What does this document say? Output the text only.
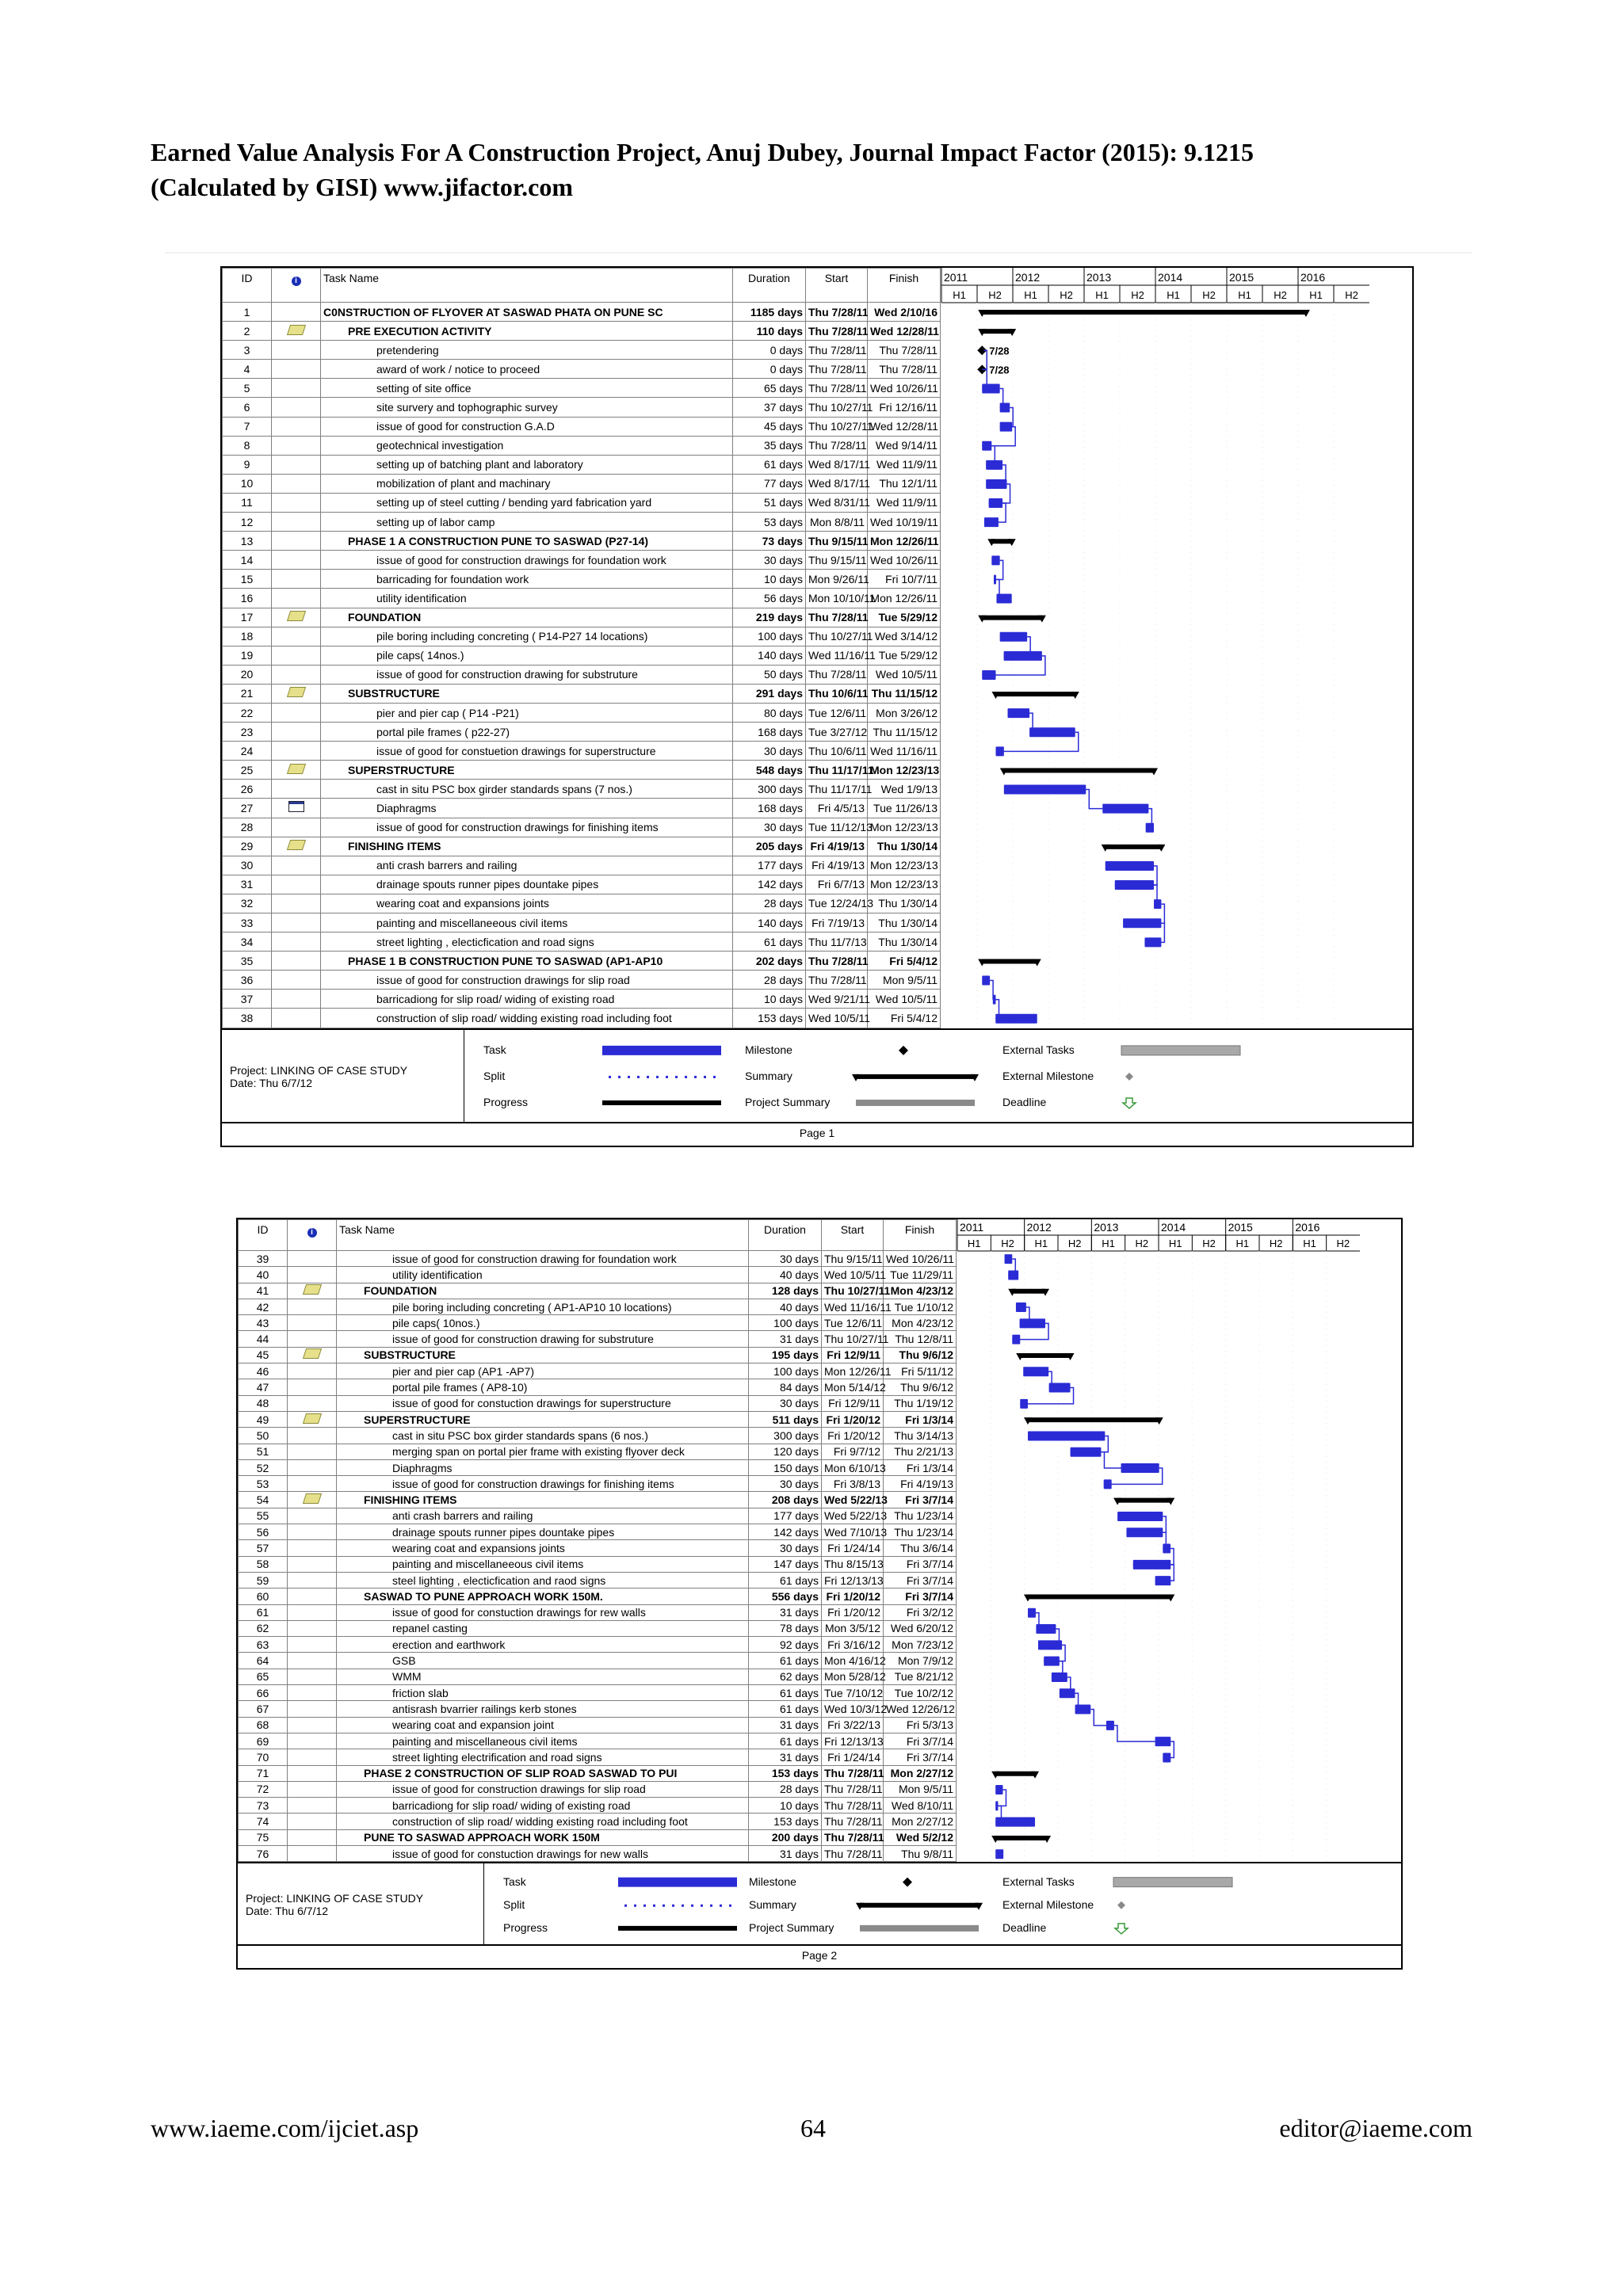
Earned Value Analysis For A Construction Project, Anuj Dubey, Journal Impact Factor (2015): 9.1215
(Calculated by GISI) www.jifactor.com
ID	i	Task Name	Duration	Start	Finish
1		C0NSTRUCTION OF FLYOVER AT SASWAD PHATA ON PUNE SC	1185 days	Thu 7/28/11	Wed 2/10/16
2		PRE EXECUTION ACTIVITY	110 days	Thu 7/28/11	Wed 12/28/11
3		pretendering	0 days	Thu 7/28/11	Thu 7/28/11
4		award of work / notice to proceed	0 days	Thu 7/28/11	Thu 7/28/11
5		setting of site office	65 days	Thu 7/28/11	Wed 10/26/11
6		site survery and tophographic survey	37 days	Thu 10/27/11	Fri 12/16/11
7		issue of good for construction G.A.D	45 days	Thu 10/27/11	Wed 12/28/11
8		geotechnical investigation	35 days	Thu 7/28/11	Wed 9/14/11
9		setting up of batching plant and laboratory	61 days	Wed 8/17/11	Wed 11/9/11
10		mobilization of plant and machinary	77 days	Wed 8/17/11	Thu 12/1/11
11		setting up of steel cutting / bending yard fabrication yard	51 days	Wed 8/31/11	Wed 11/9/11
12		setting up of labor camp	53 days	Mon 8/8/11	Wed 10/19/11
13		PHASE 1 A CONSTRUCTION PUNE TO SASWAD (P27-14)	73 days	Thu 9/15/11	Mon 12/26/11
14		issue of good for construction drawings for foundation work	30 days	Thu 9/15/11	Wed 10/26/11
15		barricading for foundation work	10 days	Mon 9/26/11	Fri 10/7/11
16		utility identification	56 days	Mon 10/10/11	Mon 12/26/11
17		FOUNDATION	219 days	Thu 7/28/11	Tue 5/29/12
18		pile boring including concreting ( P14-P27 14 locations)	100 days	Thu 10/27/11	Wed 3/14/12
19		pile caps( 14nos.)	140 days	Wed 11/16/11	Tue 5/29/12
20		issue of good for construction drawing for substruture	50 days	Thu 7/28/11	Wed 10/5/11
21		SUBSTRUCTURE	291 days	Thu 10/6/11	Thu 11/15/12
22		pier and pier cap ( P14 -P21)	80 days	Tue 12/6/11	Mon 3/26/12
23		portal pile frames ( p22-27)	168 days	Tue 3/27/12	Thu 11/15/12
24		issue of good for constuetion drawings for superstructure	30 days	Thu 10/6/11	Wed 11/16/11
25		SUPERSTRUCTURE	548 days	Thu 11/17/11	Mon 12/23/13
26		cast in situ PSC box girder standards spans (7 nos.)	300 days	Thu 11/17/11	Wed 1/9/13
27		Diaphragms	168 days	Fri 4/5/13	Tue 11/26/13
28		issue of good for construction drawings for finishing items	30 days	Tue 11/12/13	Mon 12/23/13
29		FINISHING ITEMS	205 days	Fri 4/19/13	Thu 1/30/14
30		anti crash barrers and railing	177 days	Fri 4/19/13	Mon 12/23/13
31		drainage spouts runner pipes dountake pipes	142 days	Fri 6/7/13	Mon 12/23/13
32		wearing coat and expansions joints	28 days	Tue 12/24/13	Thu 1/30/14
33		painting and miscellaneeous civil items	140 days	Fri 7/19/13	Thu 1/30/14
34		street lighting , electicfication and road signs	61 days	Thu 11/7/13	Thu 1/30/14
35		PHASE 1 B CONSTRUCTION PUNE TO SASWAD (AP1-AP10	202 days	Thu 7/28/11	Fri 5/4/12
36		issue of good for construction drawings for slip road	28 days	Thu 7/28/11	Mon 9/5/11
37		barricadiong for slip road/ widing of existing road	10 days	Wed 9/21/11	Wed 10/5/11
38		construction of slip road/ widding existing road including foot	153 days	Wed 10/5/11	Fri 5/4/12
2011	2012	2013	2014	2015	2016
H1 H2 H1 H2 H1 H2 H1 H2 H1 H2 H1 H2
7/28
7/28
Project: LINKING OF CASE STUDY
Date: Thu 6/7/12
Task
Split
Progress
Milestone
Summary
Project Summary
External Tasks
External Milestone
Deadline
Page 1
ID	i	Task Name	Duration	Start	Finish
39		issue of good for construction drawing for foundation work	30 days	Thu 9/15/11	Wed 10/26/11
40		utility identification	40 days	Wed 10/5/11	Tue 11/29/11
41		FOUNDATION	128 days	Thu 10/27/11	Mon 4/23/12
42		pile boring including concreting ( AP1-AP10 10 locations)	40 days	Wed 11/16/11	Tue 1/10/12
43		pile caps( 10nos.)	100 days	Tue 12/6/11	Mon 4/23/12
44		issue of good for construction drawing for substruture	31 days	Thu 10/27/11	Thu 12/8/11
45		SUBSTRUCTURE	195 days	Fri 12/9/11	Thu 9/6/12
46		pier and pier cap (AP1 -AP7)	100 days	Mon 12/26/11	Fri 5/11/12
47		portal pile frames ( AP8-10)	84 days	Mon 5/14/12	Thu 9/6/12
48		issue of good for constuction drawings for superstructure	30 days	Fri 12/9/11	Thu 1/19/12
49		SUPERSTRUCTURE	511 days	Fri 1/20/12	Fri 1/3/14
50		cast in situ PSC box girder standards spans (6 nos.)	300 days	Fri 1/20/12	Thu 3/14/13
51		merging span on portal pier frame with existing flyover deck	120 days	Fri 9/7/12	Thu 2/21/13
52		Diaphragms	150 days	Mon 6/10/13	Fri 1/3/14
53		issue of good for construction drawings for finishing items	30 days	Fri 3/8/13	Fri 4/19/13
54		FINISHING ITEMS	208 days	Wed 5/22/13	Fri 3/7/14
55		anti crash barrers and railing	177 days	Wed 5/22/13	Thu 1/23/14
56		drainage spouts runner pipes dountake pipes	142 days	Wed 7/10/13	Thu 1/23/14
57		wearing coat and expansions joints	30 days	Fri 1/24/14	Thu 3/6/14
58		painting and miscellaneeous civil items	147 days	Thu 8/15/13	Fri 3/7/14
59		steel lighting , electicfication and raod signs	61 days	Fri 12/13/13	Fri 3/7/14
60		SASWAD TO PUNE APPROACH WORK 150M.	556 days	Fri 1/20/12	Fri 3/7/14
61		issue of good for constuction drawings for rew walls	31 days	Fri 1/20/12	Fri 3/2/12
62		repanel casting	78 days	Mon 3/5/12	Wed 6/20/12
63		erection and earthwork	92 days	Fri 3/16/12	Mon 7/23/12
64		GSB	61 days	Mon 4/16/12	Mon 7/9/12
65		WMM	62 days	Mon 5/28/12	Tue 8/21/12
66		friction slab	61 days	Tue 7/10/12	Tue 10/2/12
67		antisrash bvarrier railings kerb stones	61 days	Wed 10/3/12	Wed 12/26/12
68		wearing coat and expansion joint	31 days	Fri 3/22/13	Fri 5/3/13
69		painting and miscellaneous civil items	61 days	Fri 12/13/13	Fri 3/7/14
70		street lighting electrification and road signs	31 days	Fri 1/24/14	Fri 3/7/14
71		PHASE 2 CONSTRUCTION OF SLIP ROAD SASWAD TO PUI	153 days	Thu 7/28/11	Mon 2/27/12
72		issue of good for construction drawings for slip road	28 days	Thu 7/28/11	Mon 9/5/11
73		barricadiong for slip road/ widing of existing road	10 days	Thu 7/28/11	Wed 8/10/11
74		construction of slip road/ widding existing road including foot	153 days	Thu 7/28/11	Mon 2/27/12
75		PUNE TO SASWAD APPROACH WORK 150M	200 days	Thu 7/28/11	Wed 5/2/12
76		issue of good for constuction drawings for new walls	31 days	Thu 7/28/11	Thu 9/8/11
2011	2012	2013	2014	2015	2016
H1 H2 H1 H2 H1 H2 H1 H2 H1 H2 H1 H2
Project: LINKING OF CASE STUDY
Date: Thu 6/7/12
Task
Split
Progress
Milestone
Summary
Project Summary
External Tasks
External Milestone
Deadline
Page 2
www.iaeme.com/ijciet.asp	64	editor@iaeme.com
